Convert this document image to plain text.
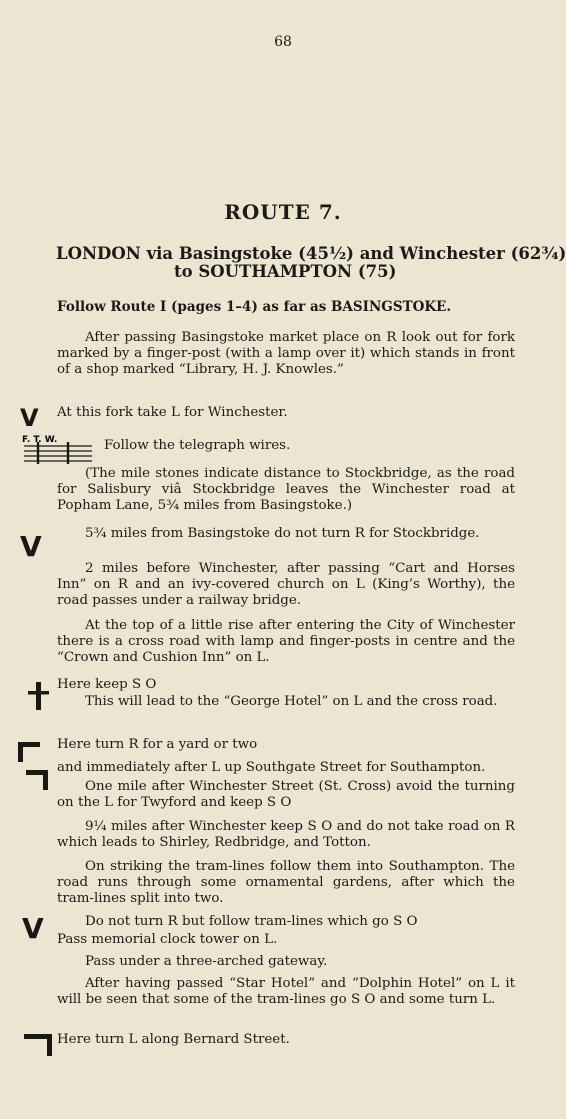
68
ROUTE 7.
LONDON via Basingstoke (45½) and Winchester (62¾)
to SOUTHAMPTON (75)
Follow Route I (pages 1–4) as far as BASINGSTOKE.
V
F. T. W.
V
V
After passing Basingstoke market place on R look out for fork marked by a finger-post (with a lamp over it) which stands in front of a shop marked “Library, H. J. Knowles.”
At this fork take L for Winchester.
Follow the telegraph wires.
(The mile stones indicate distance to Stockbridge, as the road for Salisbury viâ Stockbridge leaves the Winchester road at Popham Lane, 5¾ miles from Basingstoke.)
5¾ miles from Basingstoke do not turn R for Stockbridge.
2 miles before Winchester, after passing “Cart and Horses Inn” on R and an ivy-covered church on L (King’s Worthy), the road passes under a railway bridge.
At the top of a little rise after entering the City of Winchester there is a cross road with lamp and finger-posts in centre and the “Crown and Cushion Inn” on L.
Here keep S O
This will lead to the “George Hotel” on L and the cross road.
Here turn R for a yard or two
and immediately after L up Southgate Street for Southampton.
One mile after Winchester Street (St. Cross) avoid the turning on the L for Twyford and keep S O
9¼ miles after Winchester keep S O and do not take road on R which leads to Shirley, Redbridge, and Totton.
On striking the tram-lines follow them into Southampton. The road runs through some ornamental gardens, after which the tram-lines split into two.
Do not turn R but follow tram-lines which go S O
Pass memorial clock tower on L.
Pass under a three-arched gateway.
After having passed “Star Hotel” and “Dolphin Hotel” on L it will be seen that some of the tram-lines go S O and some turn L.
Here turn L along Bernard Street.
